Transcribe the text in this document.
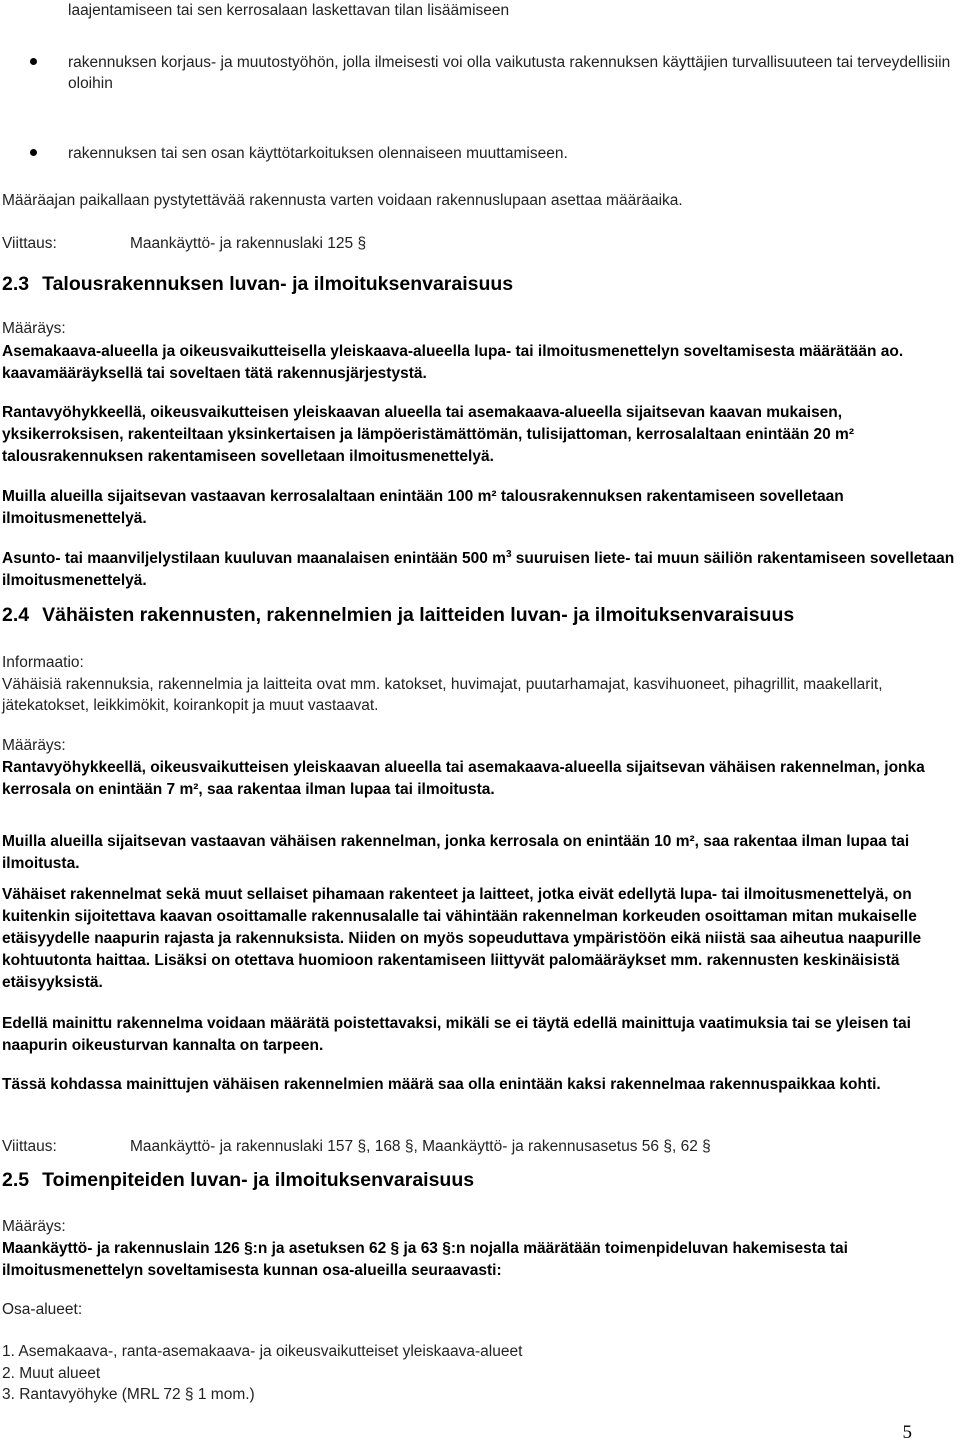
laajentamiseen tai sen kerrosalaan laskettavan tilan lisäämiseen

rakennuksen korjaus- ja muutostyöhön, jolla ilmeisesti voi olla vaikutusta rakennuksen käyttäjien turvallisuuteen tai terveydellisiin oloihin

rakennuksen tai sen osan käyttötarkoituksen olennaiseen muuttamiseen.

Määräajan paikallaan pystytettävää rakennusta varten voidaan rakennuslupaan asettaa määräaika.

Viittaus:	Maankäyttö- ja rakennuslaki 125 §
2.3 Talousrakennuksen luvan- ja ilmoituksenvaraisuus

Määräys:

Asemakaava-alueella ja oikeusvaikutteisella yleiskaava-alueella lupa- tai ilmoitusmenettelyn soveltamisesta määrätään ao. kaavamääräyksellä tai soveltaen tätä rakennusjärjestystä.

Rantavyöhykkeellä, oikeusvaikutteisen yleiskaavan alueella tai asemakaava-alueella sijaitsevan kaavan mukaisen, yksikerroksisen, rakenteiltaan yksinkertaisen ja lämpöeristämättömän, tulisijattoman, kerrosalaltaan enintään 20 m² talousrakennuksen rakentamiseen sovelletaan ilmoitusmenettelyä.

Muilla alueilla sijaitsevan vastaavan kerrosalaltaan enintään 100 m² talousrakennuksen rakentamiseen sovelletaan ilmoitusmenettelyä.

Asunto- tai maanviljelystilaan kuuluvan maanalaisen enintään 500 $m^3$ suuruisen liete- tai muun säiliön rakentamiseen sovelletaan ilmoitusmenettelyä.

2.4 Vähäisten rakennusten, rakennelmien ja laitteiden luvan- ja ilmoituksenvaraisuus

Informaatio:

Vähäisiä rakennuksia, rakennelmia ja laitteita ovat mm. katokset, huvimajat, puutarhamajat, kasvihuoneet, pihagrillit, maakellarit, jätekatokset, leikkimökit, koirankopit ja muut vastaavat.

Määräys:

Rantavyöhykkeellä, oikeusvaikutteisen yleiskaavan alueella tai asemakaava-alueella sijaitsevan vähäisen rakennelman, jonka kerrosala on enintään 7 m², saa rakentaa ilman lupaa tai ilmoitusta.

Muilla alueilla sijaitsevan vastaavan vähäisen rakennelman, jonka kerrosala on enintään 10 m², saa rakentaa ilman lupaa tai ilmoitusta.

Vähäiset rakennelmat sekä muut sellaiset pihamaan rakenteet ja laitteet, jotka eivät edellytä lupa- tai ilmoitusmenettelyä, on kuitenkin sijoitettava kaavan osoittamalle rakennusalalle tai vähintään rakennelman korkeuden osoittaman mitan mukaiselle etäisyydelle naapurin rajasta ja rakennuksista. Niiden on myös sopeuduttava ympäristöön eikä niistä saa aiheutua naapurille kohtuutonta haittaa. Lisäksi on otettava huomioon rakentamiseen liittyvät palomääräykset mm. rakennusten keskinäisistä etäisyyksistä.

Edellä mainittu rakennelma voidaan määrätä poistettavaksi, mikäli se ei täytä edellä mainittuja vaatimuksia tai se yleisen tai naapurin oikeusturvan kannalta on tarpeen.

Tässä kohdassa mainittujen vähäisen rakennelmien määrä saa olla enintään kaksi rakennelmaa rakennuspaikkaa kohti.

Viittaus:	Maankäyttö- ja rakennuslaki 157 §, 168 §, Maankäyttö- ja rakennusasetus 56 §, 62 §
2.5 Toimenpiteiden luvan- ja ilmoituksenvaraisuus

Määräys:

Maankäyttö- ja rakennuslain 126 §:n ja asetuksen 62 § ja 63 §:n nojalla määrätään toimenpideluvan hakemisesta tai ilmoitusmenettelyn soveltamisesta kunnan osa-alueilla seuraavasti:

Osa-alueet:

1. Asemakaava-, ranta-asemakaava- ja oikeusvaikutteiset yleiskaava-alueet

2. Muut alueet

3. Rantavyöhyke (MRL 72 § 1 mom.)

5
